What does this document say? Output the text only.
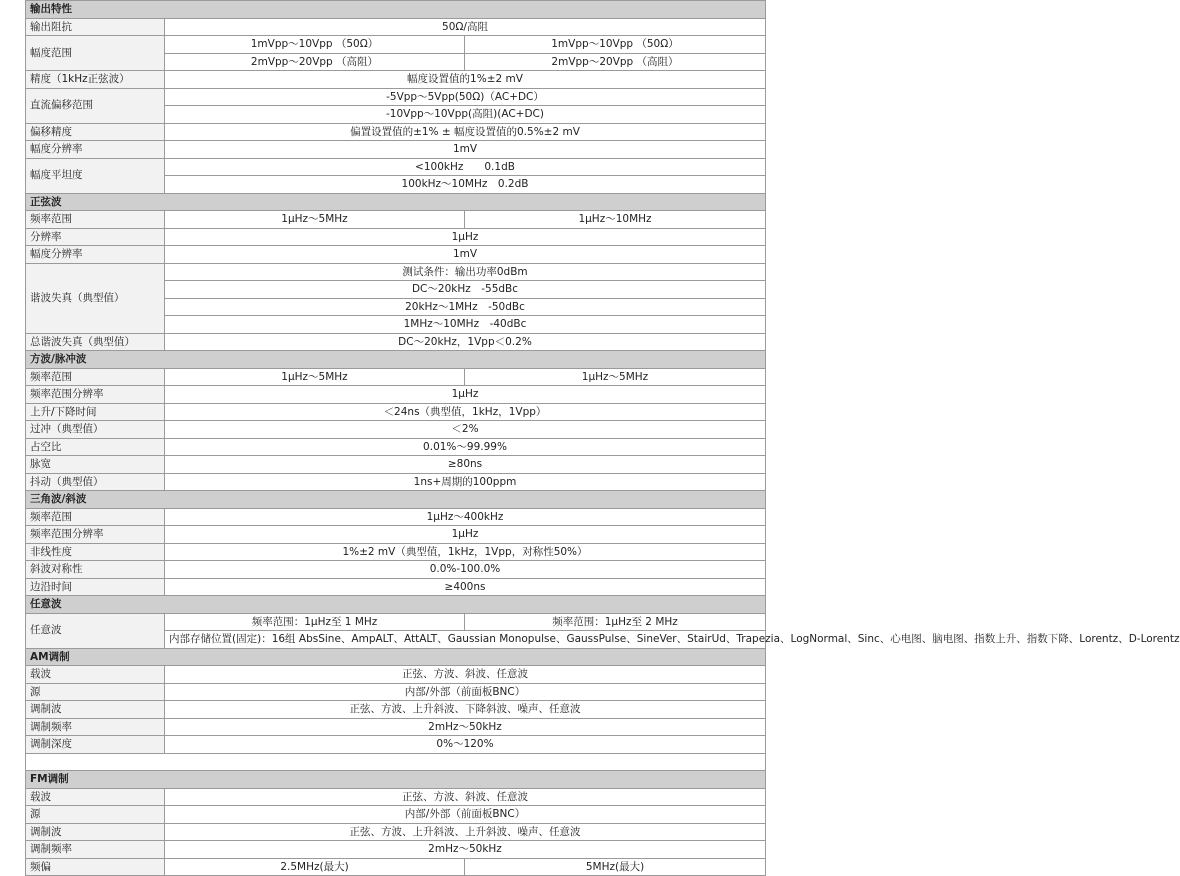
输出特性		
输出阻抗	50Ω/高阻	
幅度范围	1mVpp～10Vpp （50Ω）	1mVpp～10Vpp （50Ω）
	2mVpp～20Vpp （高阻）	2mVpp～20Vpp （高阻）
精度（1kHz正弦波）	幅度设置值的1%±2 mV	
直流偏移范围	-5Vpp～5Vpp(50Ω)（AC+DC）	
	-10Vpp～10Vpp(高阻)(AC+DC)	
偏移精度	偏置设置值的±1% ± 幅度设置值的0.5%±2 mV	
幅度分辨率	1mV	
幅度平坦度	<100kHz　　0.1dB	
	100kHz～10MHz　0.2dB	
正弦波		
频率范围	1μHz～5MHz	1μHz～10MHz
分辨率	1μHz	
幅度分辨率	1mV	
谐波失真（典型值）	测试条件：输出功率0dBm	
	DC～20kHz　-55dBc	
	20kHz～1MHz　-50dBc	
	1MHz～10MHz　-40dBc	
总谐波失真（典型值）	DC～20kHz，1Vpp＜0.2%	
方波/脉冲波		
频率范围	1μHz～5MHz	1μHz～5MHz
频率范围分辨率	1μHz	
上升/下降时间	＜24ns（典型值，1kHz，1Vpp）	
过冲（典型值）	＜2%	
占空比	0.01%～99.99%	
脉宽	≥80ns	
抖动（典型值）	1ns+周期的100ppm	
三角波/斜波		
频率范围	1μHz～400kHz	
频率范围分辨率	1μHz	
非线性度	1%±2 mV（典型值，1kHz，1Vpp，对称性50%）	
斜波对称性	0.0%-100.0%	
边沿时间	≥400ns	
任意波		
任意波	频率范围：1μHz至 1 MHz	频率范围：1μHz至 2 MHz
	内部存储位置(固定)：16组 AbsSine、AmpALT、AttALT、Gaussian Monopulse、GaussPulse、SineVer、StairUd、Trapezia、LogNormal、Sinc、心电图、脑电图、指数上升、指数下降、Lorentz、D-Lorentz	
AM调制		
载波	正弦、方波、斜波、任意波	
源	内部/外部（前面板BNC）	
调制波	正弦、方波、上升斜波、下降斜波、噪声、任意波	
调制频率	2mHz～50kHz	
调制深度	0%～120%	

FM调制		
载波	正弦、方波、斜波、任意波	
源	内部/外部（前面板BNC）	
调制波	正弦、方波、上升斜波、上升斜波、噪声、任意波	
调制频率	2mHz～50kHz	
频偏	2.5MHz(最大)	5MHz(最大)
